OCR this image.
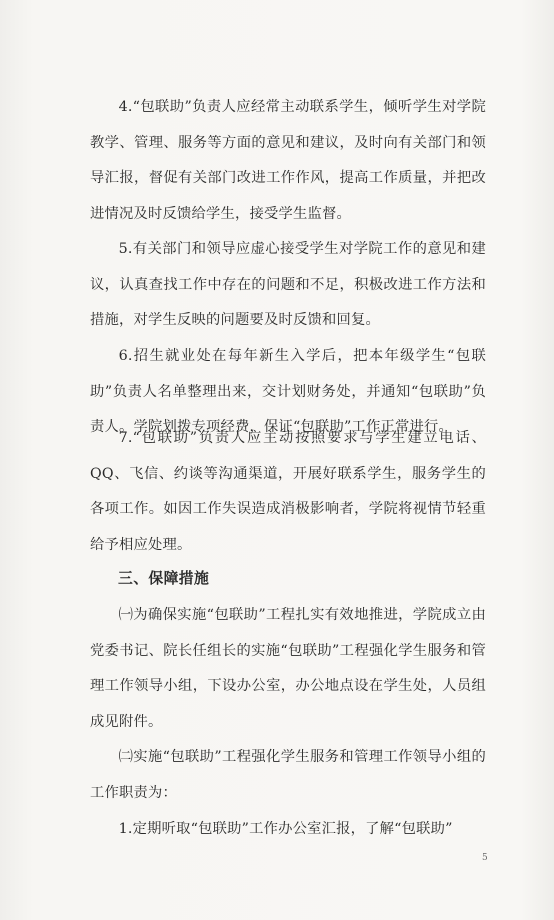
4.“包联助”负责人应经常主动联系学生，倾听学生对学院教学、管理、服务等方面的意见和建议，及时向有关部门和领导汇报，督促有关部门改进工作作风，提高工作质量，并把改进情况及时反馈给学生，接受学生监督。

5.有关部门和领导应虚心接受学生对学院工作的意见和建议，认真查找工作中存在的问题和不足，积极改进工作方法和措施，对学生反映的问题要及时反馈和回复。

6.招生就业处在每年新生入学后，把本年级学生“包联助”负责人名单整理出来，交计划财务处，并通知“包联助”负责人。学院划拨专项经费，保证“包联助”工作正常进行。

7.“包联助”负责人应主动按照要求与学生建立电话、QQ、飞信、约谈等沟通渠道，开展好联系学生，服务学生的各项工作。如因工作失误造成消极影响者，学院将视情节轻重给予相应处理。

三、保障措施

㈠为确保实施“包联助”工程扎实有效地推进，学院成立由党委书记、院长任组长的实施“包联助”工程强化学生服务和管理工作领导小组，下设办公室，办公地点设在学生处，人员组成见附件。

㈡实施“包联助”工程强化学生服务和管理工作领导小组的工作职责为：

1.定期听取“包联助”工作办公室汇报，了解“包联助”

5
